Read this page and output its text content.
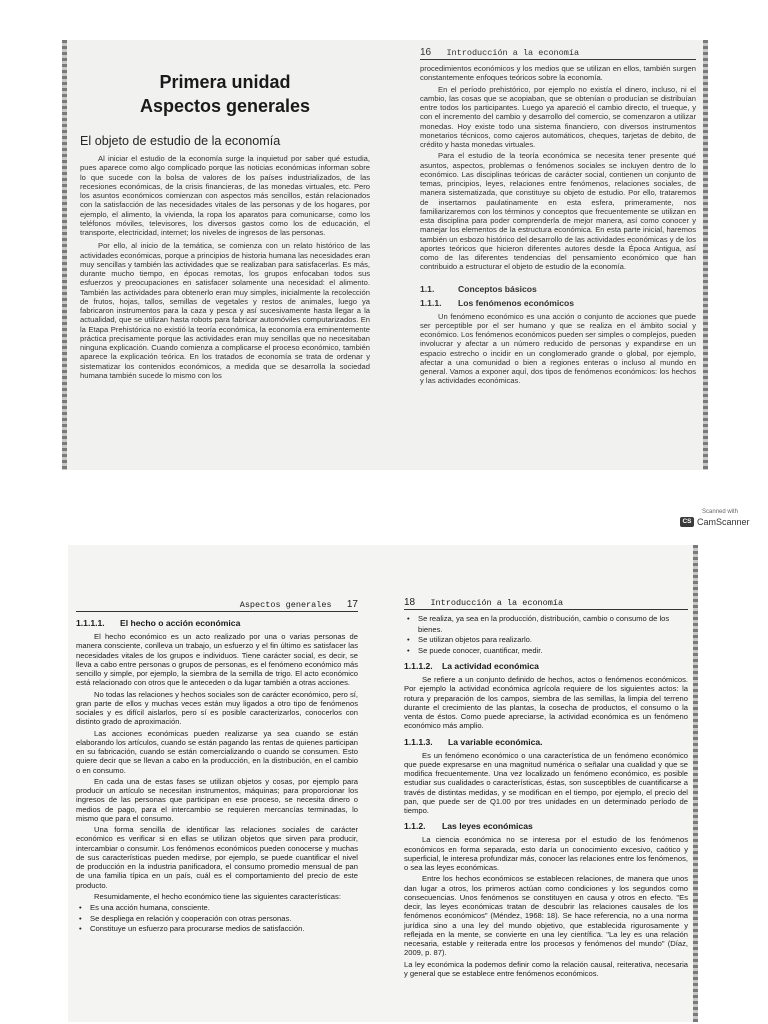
Primera unidad
Aspectos generales
El objeto de estudio de la economía

Al iniciar el estudio de la economía surge la inquietud por saber qué estudia, pues aparece como algo complicado porque las noticias económicas informan sobre lo que sucede con la bolsa de valores de los países industrializados, de las recesiones económicas, de la crisis financieras, de las monedas virtuales, etc. Pero los asuntos económicos comienzan con aspectos más sencillos, están relacionados con la satisfacción de las necesidades vitales de las personas y de los hogares, por ejemplo, el alimento, la vivienda, la ropa los aparatos para comunicarse, como los teléfonos móviles, televisores, los diversos gastos como los de educación, el transporte, electricidad, internet; los niveles de ingresos de las personas.

Por ello, al inicio de la temática, se comienza con un relato histórico de las actividades económicas, porque a principios de historia humana las necesidades eran muy sencillas y también las actividades que se realizaban para satisfacerlas. Es más, durante mucho tiempo, en épocas remotas, los grupos enfocaban todos sus esfuerzos y preocupaciones en satisfacer solamente una necesidad: el alimento. También las actividades para obtenerlo eran muy simples, inicialmente la recolección de frutos, hojas, tallos, semillas de vegetales y restos de animales, luego ya fabricaron instrumentos para la caza y pesca y así sucesivamente hasta llegar a la actualidad, que se utilizan hasta robots para fabricar automóviles computarizados. En la Etapa Prehistórica no existió la teoría económica, la economía era eminentemente práctica precisamente porque las actividades eran muy sencillas que no necesitaban ninguna explicación. Cuando comienza a complicarse el proceso económico, también aparece la explicación teórica. En los tratados de economía se trata de ordenar y sistematizar los contenidos económicos, a medida que se desarrolla la sociedad humana también sucede lo mismo con los

16 Introducción a la economía

procedimientos económicos y los medios que se utilizan en ellos, también surgen constantemente enfoques teóricos sobre la economía.

En el período prehistórico, por ejemplo no existía el dinero, incluso, ni el cambio, las cosas que se acopiaban, que se obtenían o producían se distribuían entre todos los participantes. Luego ya apareció el cambio directo, el trueque, y con el incremento del cambio y desarrollo del comercio, se comenzaron a utilizar monedas. Hoy existe todo una sistema financiero, con diversos instrumentos monetarios técnicos, como cajeros automáticos, cheques, tarjetas de debito, de crédito y hasta monedas virtuales.

Para el estudio de la teoría económica se necesita tener presente qué asuntos, aspectos, problemas o fenómenos sociales se incluyen dentro de lo económico. Las disciplinas teóricas de carácter social, contienen un conjunto de temas, principios, leyes, relaciones entre fenómenos, relaciones sociales, de manera sistematizada, que constituye su objeto de estudio. Por ello, trataremos de insertarnos paulatinamente en esta esfera, primeramente, nos familiarizaremos con los términos y conceptos que frecuentemente se utilizan en esta disciplina para poder comprenderla de mejor manera, así como conocer y manejar los elementos de la estructura económica. En esta parte inicial, haremos también un esbozo histórico del desarrollo de las actividades económicas y de los aportes teóricos que hicieron diferentes autores desde la Época Antigua, así como de las diferentes tendencias del pensamiento económico que han contribuido a estructurar el objeto de estudio de la economía.

1.1.	Conceptos básicos
1.1.1. Los fenómenos económicos

Un fenómeno económico es una acción o conjunto de acciones que puede ser perceptible por el ser humano y que se realiza en el ámbito social y económico. Los fenómenos económicos pueden ser simples o complejos, pueden involucrar y afectar a un número reducido de personas y expandirse en un espacio estrecho o incidir en un conglomerado grande o global, por ejemplo, afectar a una comunidad o bien a regiones enteras o incluso al mundo en general. Vamos a exponer aquí, dos tipos de fenómenos económicos: los hechos y las actividades económicas.

Scanned with
CS CamScanner
Aspectos generales 17
1.1.1.1. El hecho o acción económica

El hecho económico es un acto realizado por una o varias personas de manera consciente, conlleva un trabajo, un esfuerzo y el fin último es satisfacer las necesidades vitales de los grupos e individuos. Tiene carácter social, es decir, se lleva a cabo entre personas o grupos de personas, es el fenómeno económico más sencillo y simple, por ejemplo, la siembra de la semilla de trigo. El acto económico está relacionado con otros que le anteceden o da lugar también a otras acciones.

No todas las relaciones y hechos sociales son de carácter económico, pero sí, gran parte de ellos y muchas veces están muy ligados a otro tipo de fenómenos sociales y es difícil aislarlos, pero sí es posible caracterizarlos, conocerlos con distinto grado de aproximación.

Las acciones económicas pueden realizarse ya sea cuando se están elaborando los artículos, cuando se están pagando las rentas de quienes participan en su fabricación, cuando se están comercializando o cuando se consumen. Esto quiere decir que se llevan a cabo en la producción, en la distribución, en el cambio o en consumo.

En cada una de estas fases se utilizan objetos y cosas, por ejemplo para producir un artículo se necesitan instrumentos, máquinas; para proporcionar los ingresos de las personas que participan en ese proceso, se necesita dinero o medios de pago, para el intercambio se requieren mercancías terminadas, lo mismo que para el consumo.

Una forma sencilla de identificar las relaciones sociales de carácter económico es verificar si en ellas se utilizan objetos que sirven para producir, intercambiar o consumir. Los fenómenos económicos pueden conocerse y muchas de sus características pueden medirse, por ejemplo, se puede cuantificar el nivel de producción en la industria panificadora, el consumo promedio mensual de pan de una familia típica en un país, cuál es el comportamiento del precio de este producto.

Resumidamente, el hecho económico tiene las siguientes características:

• Es una acción humana, consciente.
• Se despliega en relación y cooperación con otras personas.
• Constituye un esfuerzo para procurarse medios de satisfacción.
18 Introducción a la economía
• Se realiza, ya sea en la producción, distribución, cambio o consumo de los bienes.
• Se utilizan objetos para realizarlo.
• Se puede conocer, cuantificar, medir.
1.1.1.2. La actividad económica

Se refiere a un conjunto definido de hechos, actos o fenómenos económicos. Por ejemplo la actividad económica agrícola requiere de los siguientes actos: la rotura y preparación de los campos, siembra de las semillas, la limpia del terreno durante el crecimiento de las plantas, la cosecha de productos, el consumo o la venta de éstos. Como puede apreciarse, la actividad económica es un fenómeno económico más amplio.

1.1.1.3. La variable económica.

Es un fenómeno económico o una característica de un fenómeno económico que puede expresarse en una magnitud numérica o señalar una cualidad y que se modifica frecuentemente. Una vez localizado un fenómeno económico, es posible estudiar sus cualidades o características, éstas, son susceptibles de cuantificarse a través de distintas medidas, y se modifican en el tiempo, por ejemplo, el precio del pan, que puede ser de Q1.00 por tres unidades en un determinado período de tiempo.

1.1.2. Las leyes económicas

La ciencia económica no se interesa por el estudio de los fenómenos económicos en forma separada, esto daría un conocimiento excesivo, caótico y superficial, le interesa profundizar más, conocer las relaciones entre los fenómenos, o sea las leyes económicas.

Entre los hechos económicos se establecen relaciones, de manera que unos dan lugar a otros, los primeros actúan como condiciones y los segundos como consecuencias. Unos fenómenos se constituyen en causa y otros en efecto. "Es decir, las leyes económicas tratan de descubrir las relaciones causales de los fenómenos económicos" (Méndez, 1968: 18). Se hace referencia, no a una norma jurídica sino a una ley del mundo objetivo, que establecida rigurosamente y reflejada en la mente, se convierte en una ley científica. "La ley es una relación necesaria, estable y reiterada entre los procesos y fenómenos del mundo" (Díaz, 2009, p. 87).

La ley económica la podemos definir como la relación causal, reiterativa, necesaria y general que se establece entre fenómenos económicos.
